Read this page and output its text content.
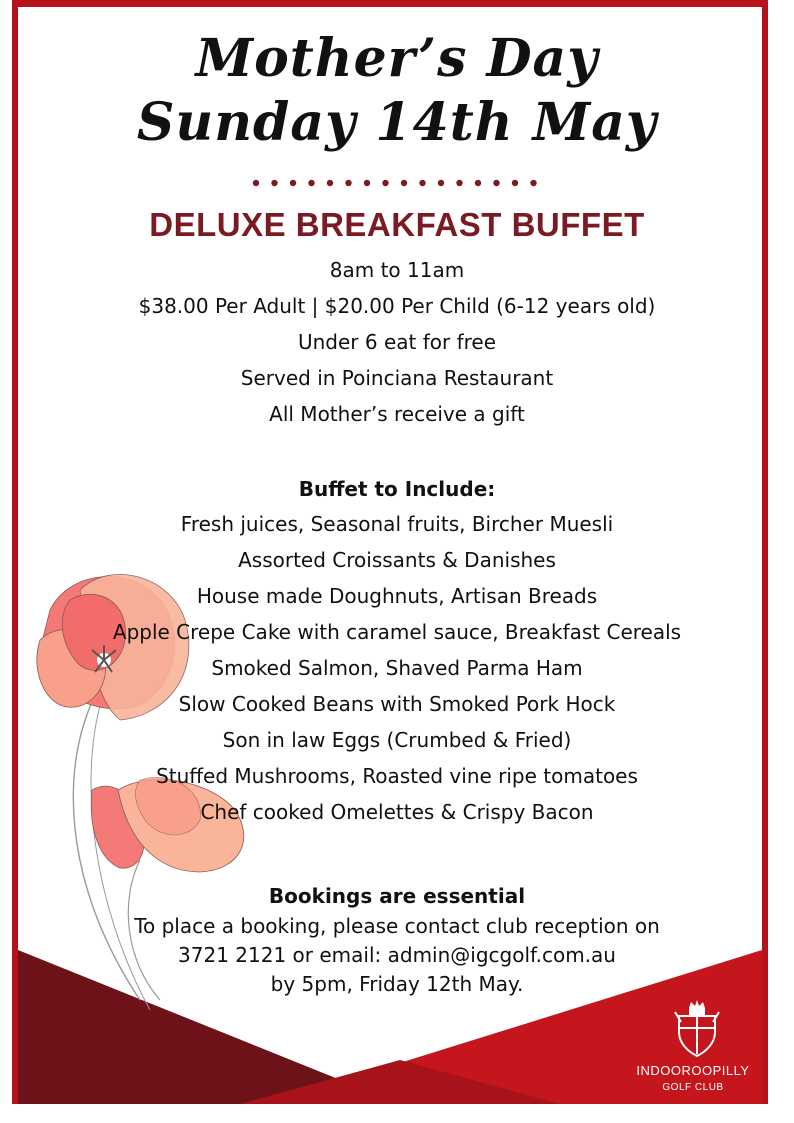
Mother’s Day
Sunday 14th May
DELUXE BREAKFAST BUFFET
8am to 11am
$38.00 Per Adult | $20.00 Per Child (6-12 years old)
Under 6 eat for free
Served in Poinciana Restaurant
All Mother’s receive a gift
Buffet to Include:
Fresh juices, Seasonal fruits, Bircher Muesli
Assorted Croissants & Danishes
House made Doughnuts, Artisan Breads
Apple Crepe Cake with caramel sauce, Breakfast Cereals
Smoked Salmon, Shaved Parma Ham
Slow Cooked Beans with Smoked Pork Hock
Son in law Eggs (Crumbed & Fried)
Stuffed Mushrooms, Roasted vine ripe tomatoes
Chef cooked Omelettes & Crispy Bacon
Bookings are essential
To place a booking, please contact club reception on
3721 2121 or email: admin@igcgolf.com.au
by 5pm, Friday 12th May.
INDOOROOPILLY
GOLF CLUB
